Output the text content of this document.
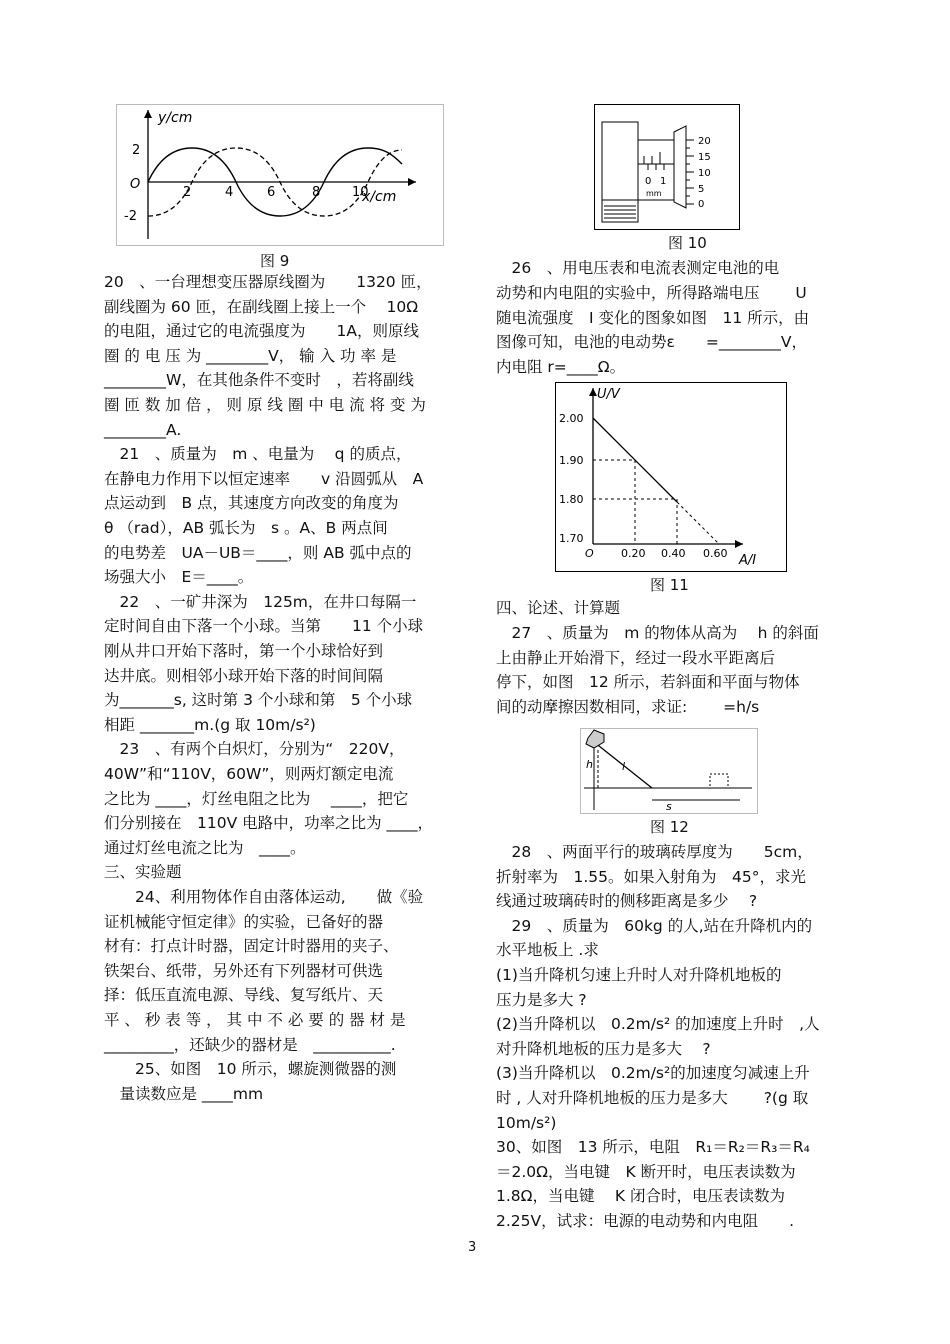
y/cm
x/cm
2
O
-2
2	4	6	8 10
图 9
20
15
10
5
0
0 1
mm
图 10
U/V
A/I
2.00
1.90
1.80
1.70
O 0.20 0.40 0.60
图 11
h	l
s
图 12
20　、一台理想变压器原线圈为　　1320 匝，
副线圈为 60 匝，在副线圈上接上一个　 10Ω
的电阻，通过它的电流强度为　　1A，则原线
圈 的 电 压 为 ________V， 输 入 功 率 是
________W，在其他条件不变时　，若将副线
圈 匝 数 加 倍 ， 则 原 线 圈 中 电 流 将 变 为
________A.
　21　、质量为　m 、电量为　 q 的质点，
在静电力作用下以恒定速率　　v 沿圆弧从　A
点运动到　B 点，其速度方向改变的角度为
θ （rad），AB 弧长为　s 。A、B 两点间
的电势差　UA－UB＝____，则 AB 弧中点的
场强大小　E＝____。
　22　、一矿井深为　125m，在井口每隔一
定时间自由下落一个小球。当第　　11 个小球
刚从井口开始下落时，第一个小球恰好到
达井底。则相邻小球开始下落的时间间隔
为_______s, 这时第 3 个小球和第　5 个小球
相距 _______m.(g 取 10m/s²)
　23　、有两个白炽灯，分别为“　220V，
40W”和“110V，60W”，则两灯额定电流
之比为 ____，灯丝电阻之比为　 ____，把它
们分别接在　110V 电路中，功率之比为 ____，
通过灯丝电流之比为　____。
三、实验题
　　24、利用物体作自由落体运动,　　做《验
证机械能守恒定律》的实验，已备好的器
材有：打点计时器，固定计时器用的夹子、
铁架台、纸带，另外还有下列器材可供选
择：低压直流电源、导线、复写纸片、天
平 、 秒 表 等 ， 其 中 不 必 要 的 器 材 是
_________，还缺少的器材是　__________.
　　25、如图　10 所示，螺旋测微器的测
　量读数应是 ____mm
　26　、用电压表和电流表测定电池的电
动势和内电阻的实验中，所得路端电压　　 U
随电流强度　I 变化的图象如图　11 所示，由
图像可知，电池的电动势ε　　=________V，
内电阻 r=____Ω。
四、论述、计算题
　27　、质量为　m 的物体从高为　 h 的斜面
上由静止开始滑下，经过一段水平距离后
停下，如图　12 所示，若斜面和平面与物体
间的动摩擦因数相同，求证:　　 =h/s
　28　、两面平行的玻璃砖厚度为　　5cm，
折射率为　1.55。如果入射角为　45°，求光
线通过玻璃砖时的侧移距离是多少　 ?
　29　、质量为　60kg 的人,站在升降机内的
水平地板上 .求
(1)当升降机匀速上升时人对升降机地板的
压力是多大 ?
(2)当升降机以　0.2m/s² 的加速度上升时　,人
对升降机地板的压力是多大　 ?
(3)当升降机以　0.2m/s²的加速度匀减速上升
时 , 人对升降机地板的压力是多大　　 ?(g 取
10m/s²)
30、如图　13 所示，电阻　R₁＝R₂＝R₃＝R₄
＝2.0Ω，当电键　K 断开时，电压表读数为
1.8Ω，当电键　 K 闭合时，电压表读数为
2.25V，试求：电源的电动势和内电阻　　.
3
